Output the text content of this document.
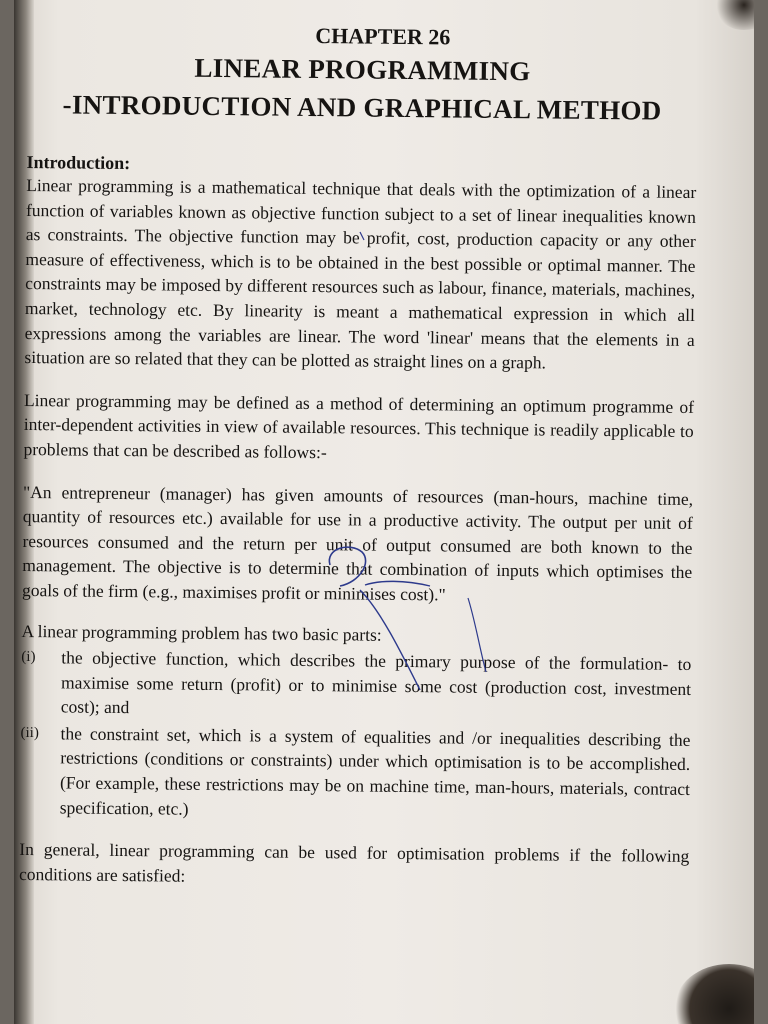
CHAPTER 26
LINEAR PROGRAMMING
-INTRODUCTION AND GRAPHICAL METHOD
Introduction:

Linear programming is a mathematical technique that deals with the optimization of a linear function of variables known as objective function subject to a set of linear inequalities known as constraints. The objective function may be profit, cost, production capacity or any other measure of effectiveness, which is to be obtained in the best possible or optimal manner. The constraints may be imposed by different resources such as labour, finance, materials, machines, market, technology etc. By linearity is meant a mathematical expression in which all expressions among the variables are linear. The word 'linear' means that the elements in a situation are so related that they can be plotted as straight lines on a graph.

Linear programming may be defined as a method of determining an optimum programme of inter-dependent activities in view of available resources. This technique is readily applicable to problems that can be described as follows:-

"An entrepreneur (manager) has given amounts of resources (man-hours, machine time, quantity of resources etc.) available for use in a productive activity. The output per unit of resources consumed and the return per unit of output consumed are both known to the management. The objective is to determine that combination of inputs which optimises the goals of the firm (e.g., maximises profit or minimises cost)."

A linear programming problem has two basic parts:

(i)	the objective function, which describes the primary purpose of the formulation- to maximise some return (profit) or to minimise some cost (production cost, investment cost); and
(ii)	the constraint set, which is a system of equalities and /or inequalities describing the restrictions (conditions or constraints) under which optimisation is to be accomplished. (For example, these restrictions may be on machine time, man-hours, materials, contract specification, etc.)

In general, linear programming can be used for optimisation problems if the following conditions are satisfied:
